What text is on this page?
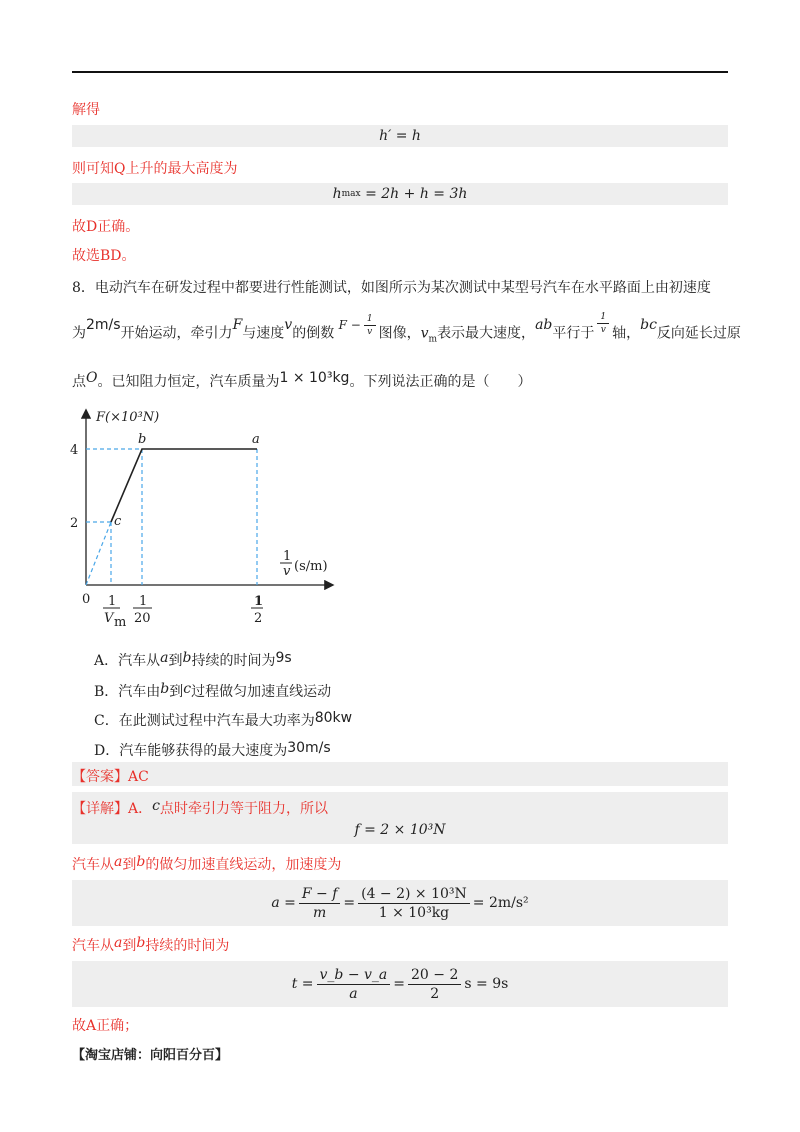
解得
h′ = h
则可知Q上升的最大高度为
h max
= 2h + h = 3h
故D正确。
故选BD。
8．电动汽车在研发过程中都要进行性能测试，如图所示为某次测试中某型号汽车在水平路面上由初速度
为2m/s开始运动，牵引力F与速度v的倒数 $F - \frac{1}{v}$ 图像，$v_m$表示最大速度，ab平行于 $\frac{1}{v}$ 轴，bc反向延长过原
点O。已知阻力恒定，汽车质量为1 × 10³kg。下列说法正确的是（　　）
F(×10³N)
4
2
0
a
b
c
1
v (s/m)
1
V m
1
20
1
2
A．汽车从a到b持续的时间为9s
B．汽车由b到c过程做匀加速直线运动
C．在此测试过程中汽车最大功率为80kw
D．汽车能够获得的最大速度为30m/s
【答案】AC
【详解】A．c点时牵引力等于阻力，所以
f = 2 × 10³N
汽车从a到b的做匀加速直线运动，加速度为
$a = \frac{F - f}{m} = \frac{\text{(4 − 2) × 10³N}}{\text{1 × 10³kg}} = 2m/s^2$
汽车从a到b持续的时间为
$t = \frac{v\_b - v\_a}{a} = \frac{20 - 2}{2}$ s = 9s
故A正确；
【淘宝店铺：向阳百分百】
